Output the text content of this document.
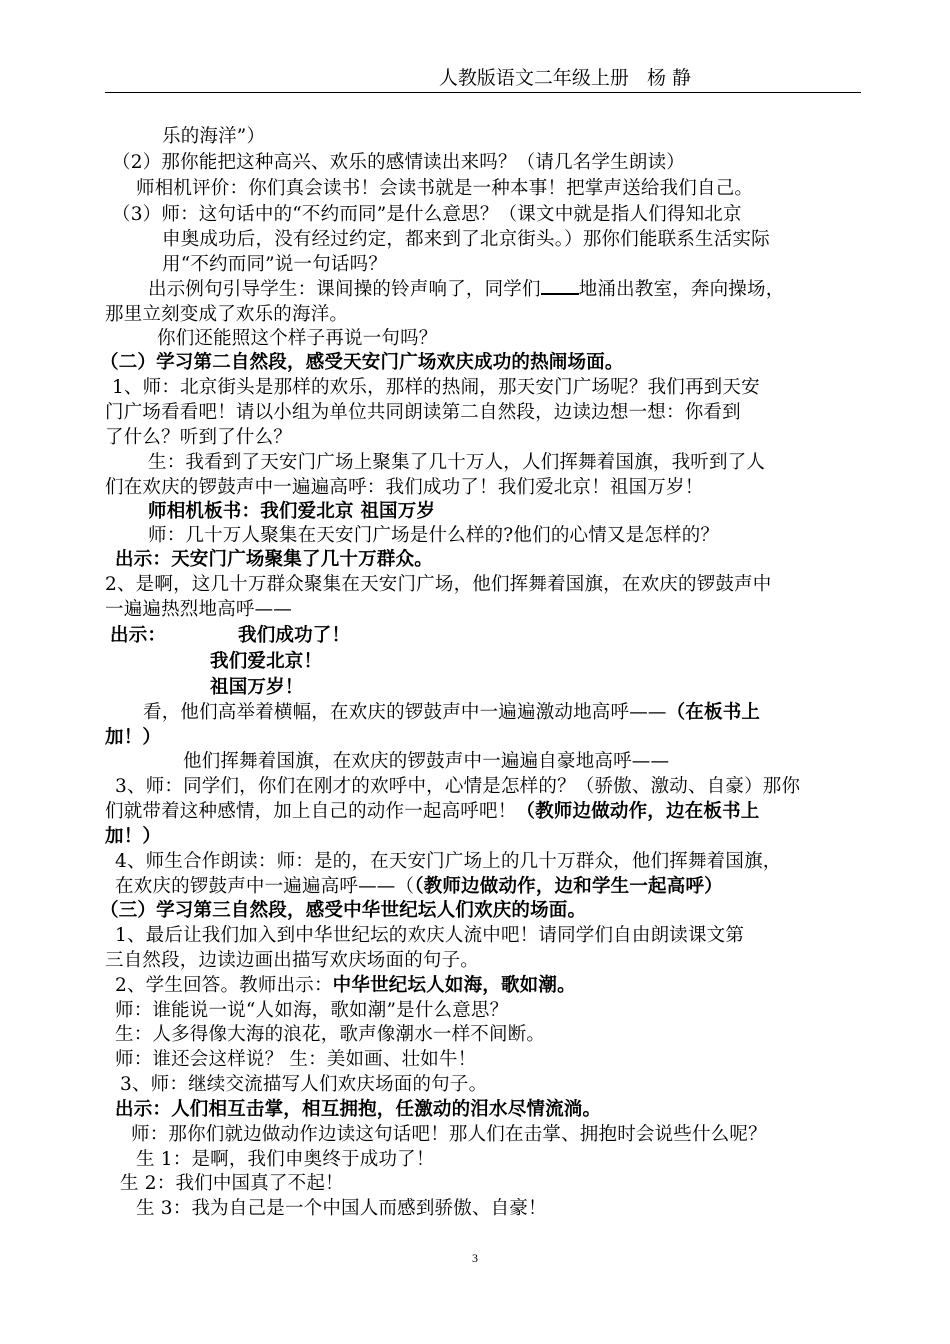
人教版语文二年级上册   杨 静
乐的海洋”）
（2）那你能把这种高兴、欢乐的感情读出来吗？（请几名学生朗读）
师相机评价：你们真会读书！会读书就是一种本事！把掌声送给我们自己。
（3）师：这句话中的“不约而同”是什么意思？（课文中就是指人们得知北京
申奥成功后，没有经过约定，都来到了北京街头。）那你们能联系生活实际
用“不约而同”说一句话吗？
出示例句引导学生：课间操的铃声响了，同学们 地涌出教室，奔向操场，
那里立刻变成了欢乐的海洋。
你们还能照这个样子再说一句吗？
（二）学习第二自然段，感受天安门广场欢庆成功的热闹场面。
1、师：北京街头是那样的欢乐，那样的热闹，那天安门广场呢？我们再到天安
门广场看看吧！请以小组为单位共同朗读第二自然段，边读边想一想：你看到
了什么？听到了什么？
生：我看到了天安门广场上聚集了几十万人，人们挥舞着国旗，我听到了人
们在欢庆的锣鼓声中一遍遍高呼：我们成功了！我们爱北京！祖国万岁！
师相机板书：我们爱北京 祖国万岁
师：几十万人聚集在天安门广场是什么样的?他们的心情又是怎样的？
出示：天安门广场聚集了几十万群众。
2、是啊，这几十万群众聚集在天安门广场，他们挥舞着国旗，在欢庆的锣鼓声中
一遍遍热烈地高呼——
出示：	我们成功了！
我们爱北京！
祖国万岁！
看，他们高举着横幅，在欢庆的锣鼓声中一遍遍激动地高呼——（在板书上
加！）
他们挥舞着国旗，在欢庆的锣鼓声中一遍遍自豪地高呼——
3、师：同学们，你们在刚才的欢呼中，心情是怎样的？（骄傲、激动、自豪）那你
们就带着这种感情，加上自己的动作一起高呼吧！（教师边做动作，边在板书上
加！）
4、师生合作朗读：师：是的，在天安门广场上的几十万群众，他们挥舞着国旗，
在欢庆的锣鼓声中一遍遍高呼——（（教师边做动作，边和学生一起高呼）
（三）学习第三自然段，感受中华世纪坛人们欢庆的场面。
1、最后让我们加入到中华世纪坛的欢庆人流中吧！请同学们自由朗读课文第
三自然段，边读边画出描写欢庆场面的句子。
2、学生回答。教师出示：中华世纪坛人如海，歌如潮。
师：谁能说一说“人如海，歌如潮”是什么意思？
生：人多得像大海的浪花，歌声像潮水一样不间断。
师：谁还会这样说？ 生：美如画、壮如牛！
3、师：继续交流描写人们欢庆场面的句子。
出示：人们相互击掌，相互拥抱，任激动的泪水尽情流淌。
师：那你们就边做动作边读这句话吧！那人们在击掌、拥抱时会说些什么呢？
生 1：是啊，我们申奥终于成功了！
生 2：我们中国真了不起！
生 3：我为自己是一个中国人而感到骄傲、自豪！
3
